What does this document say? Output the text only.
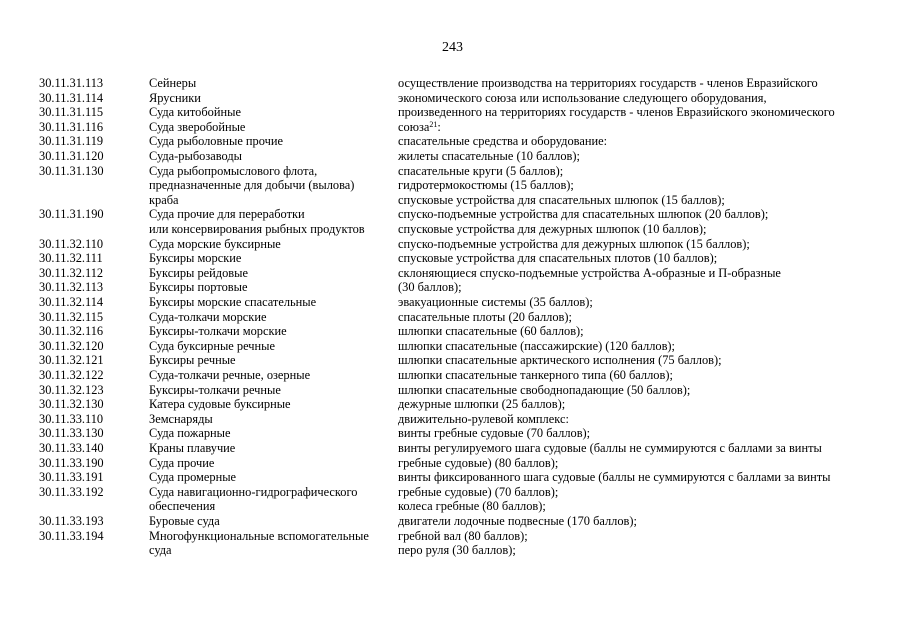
243
30.11.31.113	Сейнеры	осуществление производства на территориях государств - членов Евразийского
30.11.31.114	Ярусники	экономического союза или использование следующего оборудования,
30.11.31.115	Суда китобойные	произведенного на территориях государств - членов Евразийского экономического
30.11.31.116	Суда зверобойные	союза$^{21}$:
30.11.31.119	Суда рыболовные прочие	спасательные средства и оборудование:
30.11.31.120	Суда-рыбозаводы	жилеты спасательные (10 баллов);
30.11.31.130	Суда рыбопромыслового флота,	спасательные круги (5 баллов);
предназначенные для добычи (вылова)	гидротермокостюмы (15 баллов);
краба	спусковые устройства для спасательных шлюпок (15 баллов);
30.11.31.190	Суда прочие для переработки	спуско-подъемные устройства для спасательных шлюпок (20 баллов);
или консервирования рыбных продуктов	спусковые устройства для дежурных шлюпок (10 баллов);
30.11.32.110	Суда морские буксирные	спуско-подъемные устройства для дежурных шлюпок (15 баллов);
30.11.32.111	Буксиры морские	спусковые устройства для спасательных плотов (10 баллов);
30.11.32.112	Буксиры рейдовые	склоняющиеся спуско-подъемные устройства А-образные и П-образные
30.11.32.113	Буксиры портовые	(30 баллов);
30.11.32.114	Буксиры морские спасательные	эвакуационные системы (35 баллов);
30.11.32.115	Суда-толкачи морские	спасательные плоты (20 баллов);
30.11.32.116	Буксиры-толкачи морские	шлюпки спасательные (60 баллов);
30.11.32.120	Суда буксирные речные	шлюпки спасательные (пассажирские) (120 баллов);
30.11.32.121	Буксиры речные	шлюпки спасательные арктического исполнения (75 баллов);
30.11.32.122	Суда-толкачи речные, озерные	шлюпки спасательные танкерного типа (60 баллов);
30.11.32.123	Буксиры-толкачи речные	шлюпки спасательные свободнопадающие (50 баллов);
30.11.32.130	Катера судовые буксирные	дежурные шлюпки (25 баллов);
30.11.33.110	Земснаряды	движительно-рулевой комплекс:
30.11.33.130	Суда пожарные	винты гребные судовые (70 баллов);
30.11.33.140	Краны плавучие	винты регулируемого шага судовые (баллы не суммируются с баллами за винты
30.11.33.190	Суда прочие	гребные судовые) (80 баллов);
30.11.33.191	Суда промерные	винты фиксированного шага судовые (баллы не суммируются с баллами за винты
30.11.33.192	Суда навигационно-гидрографического	гребные судовые) (70 баллов);
обеспечения	колеса гребные (80 баллов);
30.11.33.193	Буровые суда	двигатели лодочные подвесные (170 баллов);
30.11.33.194	Многофункциональные вспомогательные гребной вал (80 баллов);
суда	перо руля (30 баллов);
